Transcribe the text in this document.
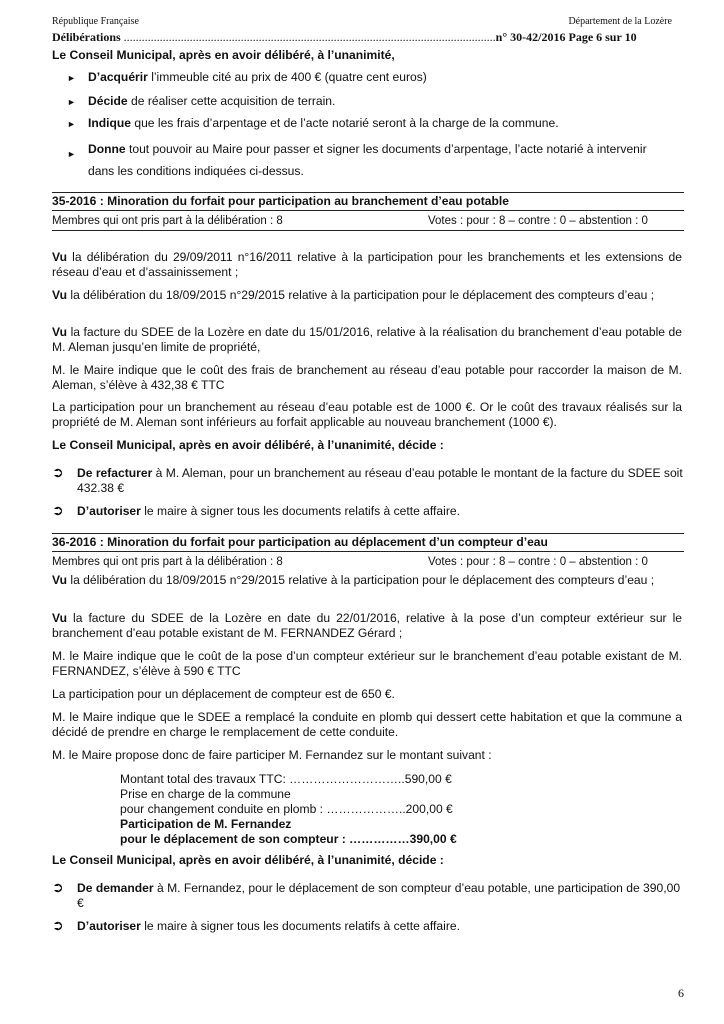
République Française	Département de la Lozère
Délibérations ............................................................................................................................n° 30-42/2016 Page 6 sur 10
Le Conseil Municipal, après en avoir délibéré, à l’unanimité,
► D’acquérir l’immeuble cité au prix de 400 € (quatre cent euros)
► Décide de réaliser cette acquisition de terrain.
► Indique que les frais d’arpentage et de l’acte notarié seront à la charge de la commune.
► Donne tout pouvoir au Maire pour passer et signer les documents d’arpentage, l’acte notarié à intervenir dans les conditions indiquées ci-dessus.
35-2016 : Minoration du forfait pour participation au branchement d’eau potable
Membres qui ont pris part à la délibération : 8	Votes : pour : 8 – contre : 0 – abstention : 0
Vu la délibération du 29/09/2011 n°16/2011 relative à la participation pour les branchements et les extensions de réseau d’eau et d’assainissement ;
Vu la délibération du 18/09/2015 n°29/2015 relative à la participation pour le déplacement des compteurs d’eau ;
Vu la facture du SDEE de la Lozère en date du 15/01/2016, relative à la réalisation du branchement d’eau potable de M. Aleman jusqu’en limite de propriété,
M. le Maire indique que le coût des frais de branchement au réseau d’eau potable pour raccorder la maison de M. Aleman, s’élève à 432,38 € TTC
La participation pour un branchement au réseau d’eau potable est de 1000 €. Or le coût des travaux réalisés sur la propriété de M. Aleman sont inférieurs au forfait applicable au nouveau branchement (1000 €).
Le Conseil Municipal, après en avoir délibéré, à l’unanimité, décide :
➲ De refacturer à M. Aleman, pour un branchement au réseau d’eau potable le montant de la facture du SDEE soit 432.38 €
➲ D’autoriser le maire à signer tous les documents relatifs à cette affaire.
36-2016 : Minoration du forfait pour participation au déplacement d’un compteur d’eau
Membres qui ont pris part à la délibération : 8	Votes : pour : 8 – contre : 0 – abstention : 0
Vu la délibération du 18/09/2015 n°29/2015 relative à la participation pour le déplacement des compteurs d’eau ;
Vu la facture du SDEE de la Lozère en date du 22/01/2016, relative à la pose d’un compteur extérieur sur le branchement d’eau potable existant de M. FERNANDEZ Gérard ;
M. le Maire indique que le coût de la pose d’un compteur extérieur sur le branchement d’eau potable existant de M. FERNANDEZ, s’élève à 590 € TTC
La participation pour un déplacement de compteur est de 650 €.
M. le Maire indique que le SDEE a remplacé la conduite en plomb qui dessert cette habitation et que la commune a décidé de prendre en charge le remplacement de cette conduite.
M. le Maire propose donc de faire participer M. Fernandez sur le montant suivant :
Montant total des travaux TTC: ………………………..590,00 €
Prise en charge de la commune
pour changement conduite en plomb : ………………..200,00 €
Participation de M. Fernandez
pour le déplacement de son compteur : ……………390,00 €
Le Conseil Municipal, après en avoir délibéré, à l’unanimité, décide :
➲ De demander à M. Fernandez, pour le déplacement de son compteur d’eau potable, une participation de 390,00 €
➲ D’autoriser le maire à signer tous les documents relatifs à cette affaire.
6
